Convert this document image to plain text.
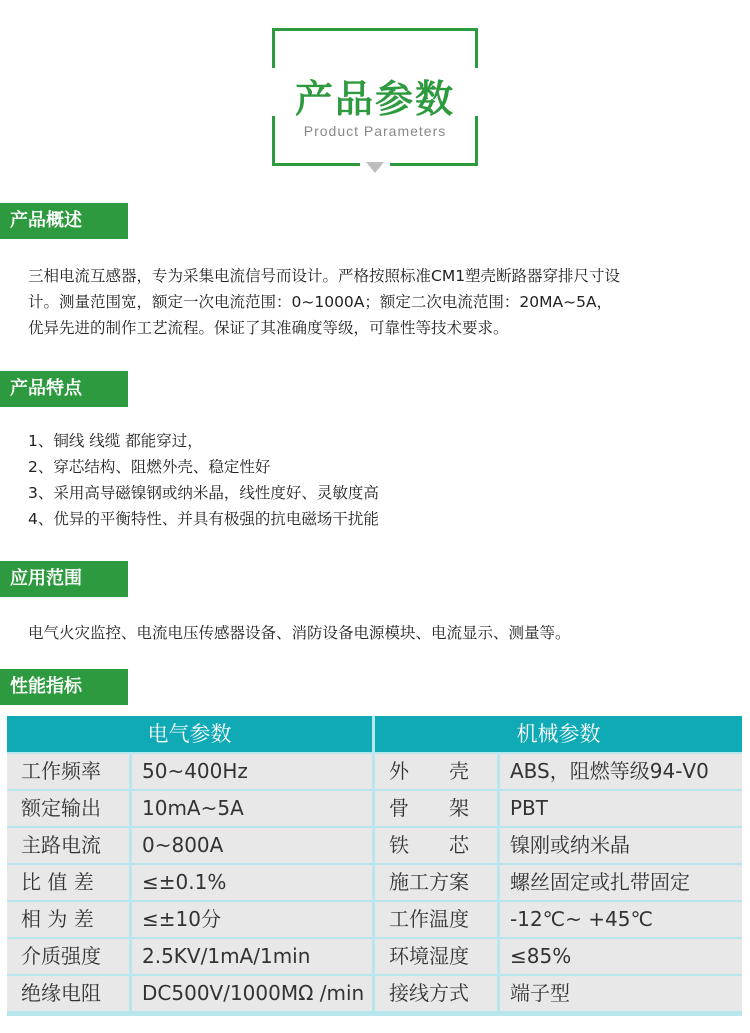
产品参数
Product Parameters
产品概述
三相电流互感器，专为采集电流信号而设计。严格按照标准CM1塑壳断路器穿排尺寸设
计。测量范围宽，额定一次电流范围：0~1000A；额定二次电流范围：20MA~5A，
优异先进的制作工艺流程。保证了其准确度等级，可靠性等技术要求。
产品特点
1、铜线 线缆 都能穿过，
2、穿芯结构、阻燃外壳、稳定性好
3、采用高导磁镍钢或纳米晶，线性度好、灵敏度高
4、优异的平衡特性、并具有极强的抗电磁场干扰能
应用范围
电气火灾监控、电流电压传感器设备、消防设备电源模块、电流显示、测量等。
性能指标
电气参数	机械参数
工作频率	50~400Hz	外　　壳	ABS，阻燃等级94-V0
额定输出	10mA~5A	骨　　架	PBT
主路电流	0~800A	铁　　芯	镍刚或纳米晶
比 值 差	≤±0.1%	施工方案	螺丝固定或扎带固定
相 为 差	≤±10分	工作温度	-12℃~ +45℃
介质强度	2.5KV/1mA/1min	环境湿度	≤85%
绝缘电阻	DC500V/1000MΩ /min	接线方式	端子型
